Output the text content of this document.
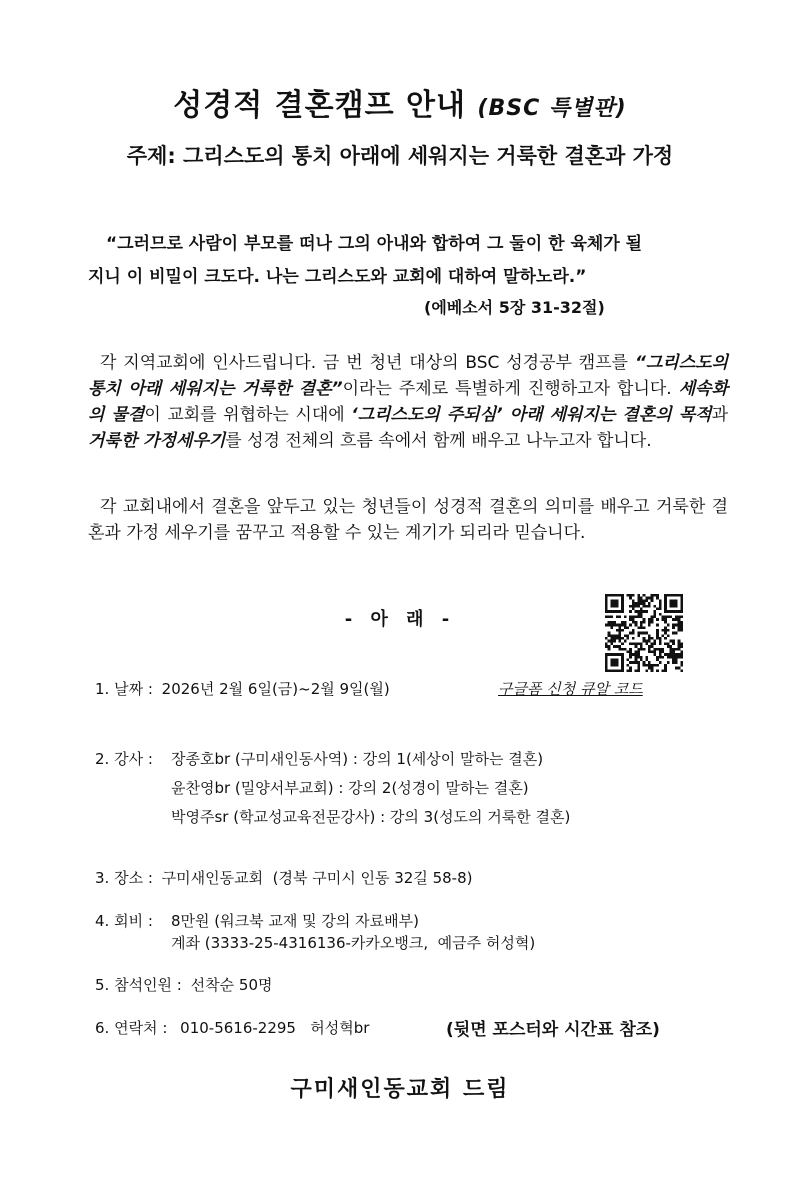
성경적 결혼캠프 안내 (BSC 특별판)
주제: 그리스도의 통치 아래에 세워지는 거룩한 결혼과 가정
“그러므로 사람이 부모를 떠나 그의 아내와 합하여 그 둘이 한 육체가 될
지니 이 비밀이 크도다. 나는 그리스도와 교회에 대하여 말하노라.”
(에베소서 5장 31-32절)
각 지역교회에 인사드립니다. 금 번 청년 대상의 BSC 성경공부 캠프를 “그리스도의 통치 아래 세워지는 거룩한 결혼”이라는 주제로 특별하게 진행하고자 합니다. 세속화의 물결이 교회를 위협하는 시대에 ‘그리스도의 주되심’ 아래 세워지는 결혼의 목적과 거룩한 가정세우기를 성경 전체의 흐름 속에서 함께 배우고 나누고자 합니다.
각 교회내에서 결혼을 앞두고 있는 청년들이 성경적 결혼의 의미를 배우고 거룩한 결혼과 가정 세우기를 꿈꾸고 적용할 수 있는 계기가 되리라 믿습니다.
- 아 래 -
구글폼 신청 큐알 코드
1. 날짜 : 2026년 2월 6일(금)~2월 9일(월)
2. 강사 : 장종호br (구미새인동사역) : 강의 1(세상이 말하는 결혼)
윤찬영br (밀양서부교회) : 강의 2(성경이 말하는 결혼)
박영주sr (학교성교육전문강사) : 강의 3(성도의 거룩한 결혼)
3. 장소 : 구미새인동교회  (경북 구미시 인동 32길 58-8)
4. 회비 : 8만원 (워크북 교재 및 강의 자료배부)
계좌 (3333-25-4316136-카카오뱅크,  예금주 허성혁)
5. 참석인원 : 선착순 50명
6. 연락처 : 010-5616-2295   허성혁br	(뒷면 포스터와 시간표 참조)
구미새인동교회 드림
